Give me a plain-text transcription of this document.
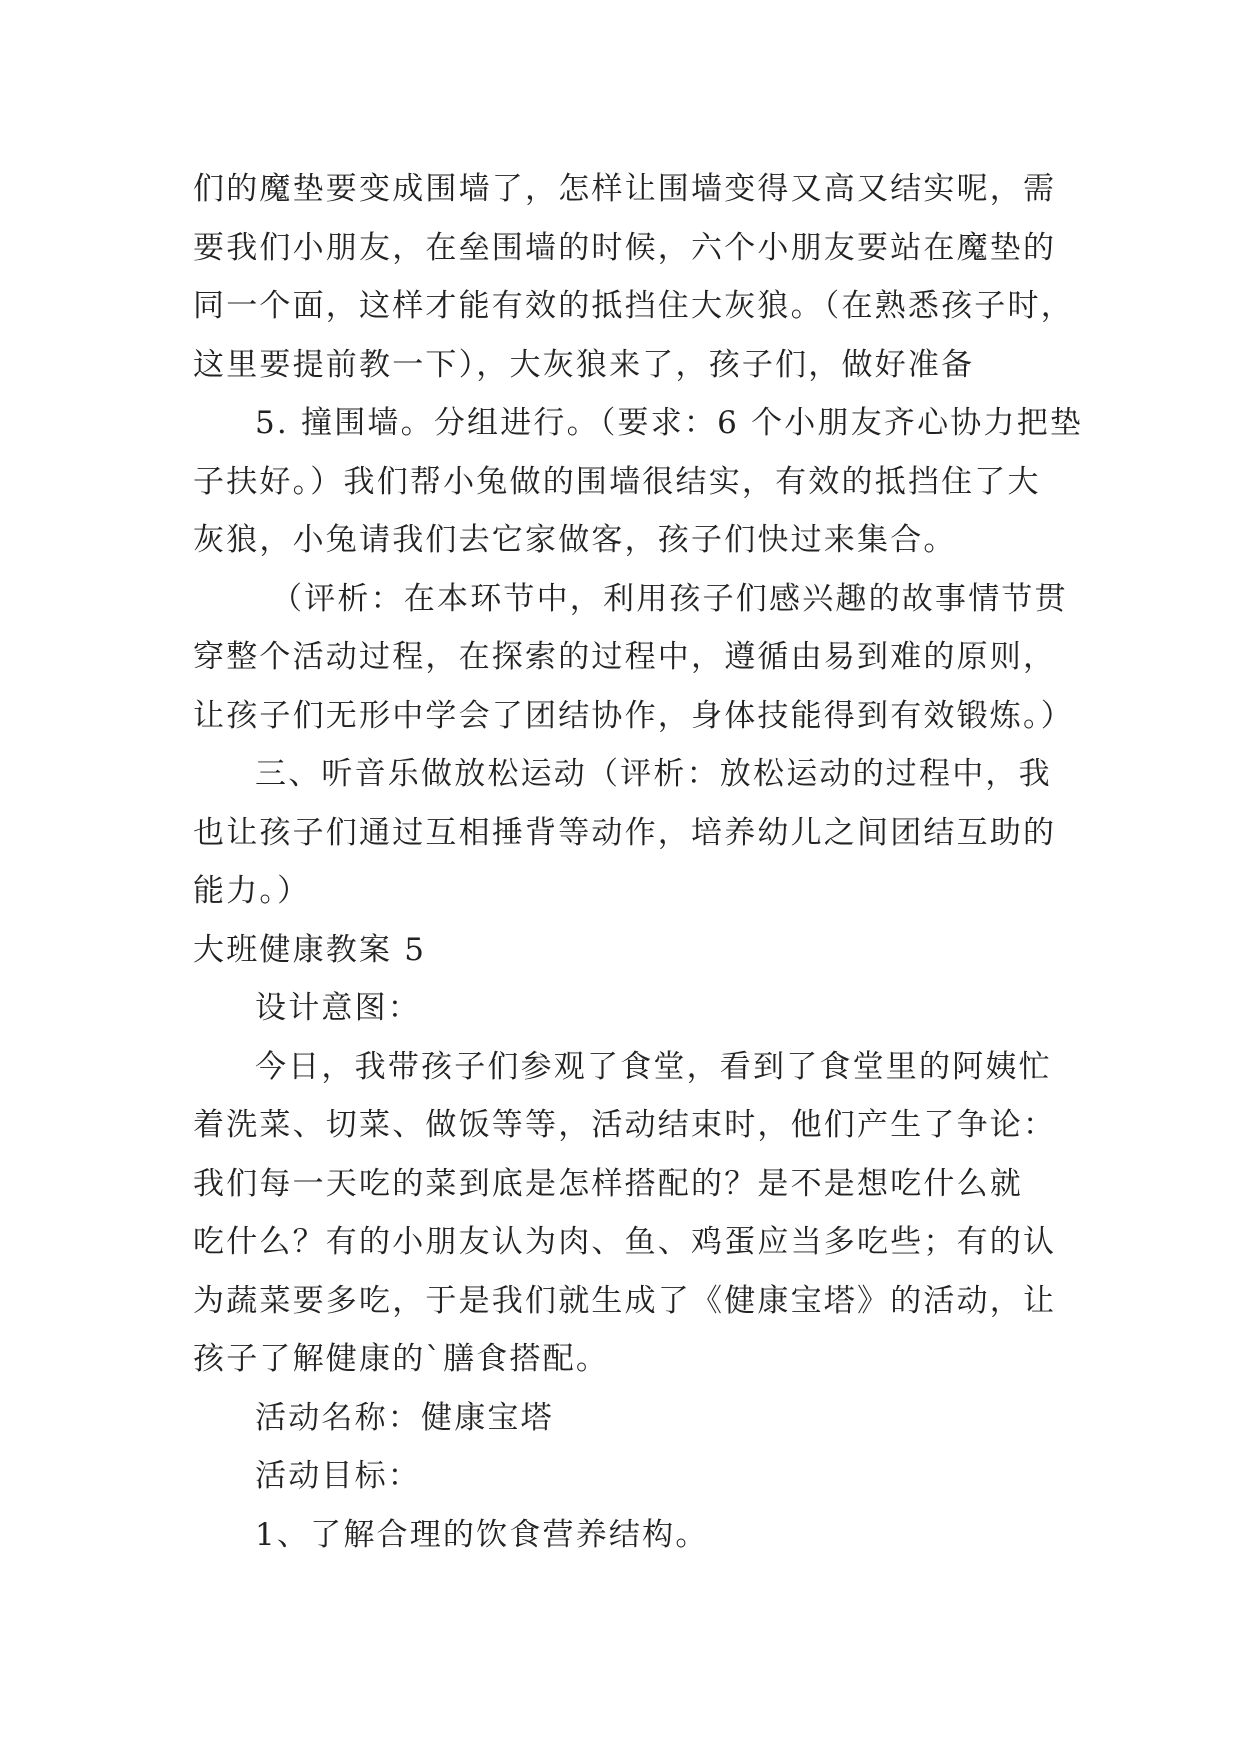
们的魔垫要变成围墙了，怎样让围墙变得又高又结实呢，需
要我们小朋友，在垒围墙的时候，六个小朋友要站在魔垫的
同一个面，这样才能有效的抵挡住大灰狼。（在熟悉孩子时，
这里要提前教一下），大灰狼来了，孩子们，做好准备
5. 撞围墙。分组进行。（要求：6 个小朋友齐心协力把垫
子扶好。）我们帮小兔做的围墙很结实，有效的抵挡住了大
灰狼，小兔请我们去它家做客，孩子们快过来集合。
（评析：在本环节中，利用孩子们感兴趣的故事情节贯
穿整个活动过程，在探索的过程中，遵循由易到难的原则，
让孩子们无形中学会了团结协作，身体技能得到有效锻炼。）
三、听音乐做放松运动（评析：放松运动的过程中，我
也让孩子们通过互相捶背等动作，培养幼儿之间团结互助的
能力。）
大班健康教案 5
设计意图：
今日，我带孩子们参观了食堂，看到了食堂里的阿姨忙
着洗菜、切菜、做饭等等，活动结束时，他们产生了争论：
我们每一天吃的菜到底是怎样搭配的？是不是想吃什么就
吃什么？有的小朋友认为肉、鱼、鸡蛋应当多吃些；有的认
为蔬菜要多吃，于是我们就生成了《健康宝塔》的活动，让
孩子了解健康的`膳食搭配。
活动名称：健康宝塔
活动目标：
1、了解合理的饮食营养结构。
